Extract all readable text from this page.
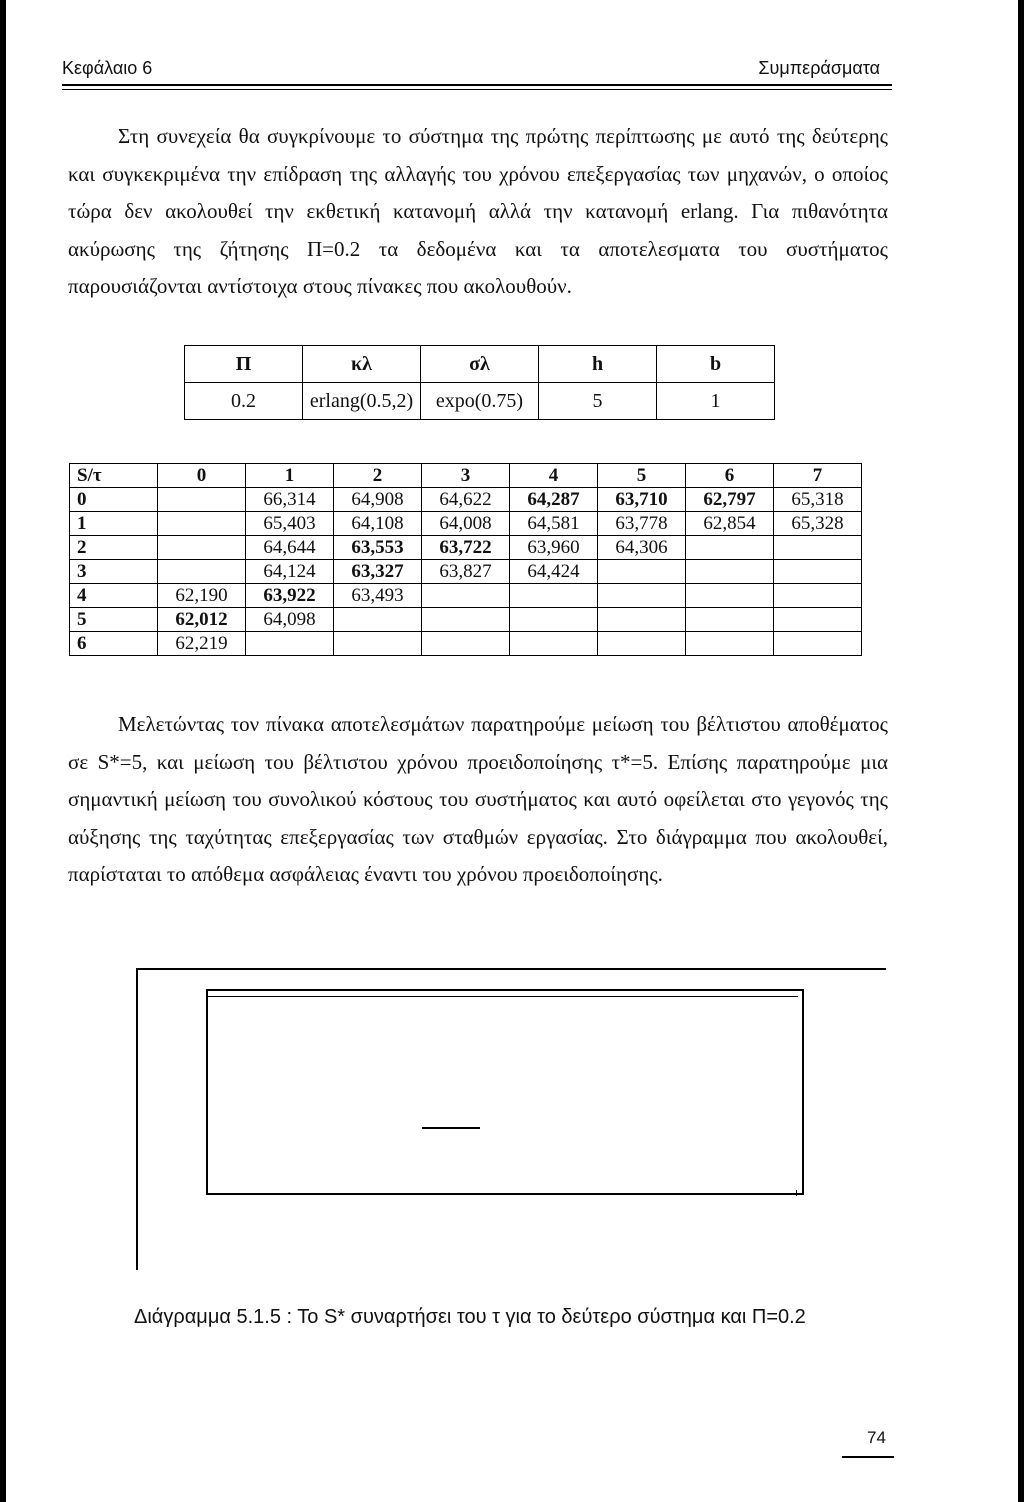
Κεφάλαιο 6	Συμπεράσματα
Στη συνεχεία θα συγκρίνουμε το σύστημα της πρώτης περίπτωσης με αυτό της δεύτερης και συγκεκριμένα την επίδραση της αλλαγής του χρόνου επεξεργασίας των μηχανών, ο οποίος τώρα δεν ακολουθεί την εκθετική κατανομή αλλά την κατανομή erlang. Για πιθανότητα ακύρωσης της ζήτησης Π=0.2 τα δεδομένα και τα αποτελεσματα του συστήματος παρουσιάζονται αντίστοιχα στους πίνακες που ακολουθούν.
Π	κλ	σλ	h	b
0.2	erlang(0.5,2)	expo(0.75)	5	1
S/τ	0	1	2	3	4	5	6	7
0		66,314	64,908	64,622	64,287	63,710	62,797	65,318
1		65,403	64,108	64,008	64,581	63,778	62,854	65,328
2		64,644	63,553	63,722	63,960	64,306		
3		64,124	63,327	63,827	64,424			
4	62,190	63,922	63,493					
5	62,012	64,098						
6	62,219							
Μελετώντας τον πίνακα αποτελεσμάτων παρατηρούμε μείωση του βέλτιστου αποθέματος σε S*=5, και μείωση του βέλτιστου χρόνου προειδοποίησης τ*=5. Επίσης παρατηρούμε μια σημαντική μείωση του συνολικού κόστους του συστήματος και αυτό οφείλεται στο γεγονός της αύξησης της ταχύτητας επεξεργασίας των σταθμών εργασίας. Στο διάγραμμα που ακολουθεί, παρίσταται το απόθεμα ασφάλειας έναντι του χρόνου προειδοποίησης.
Διάγραμμα 5.1.5 : Το S* συναρτήσει του τ για το δεύτερο σύστημα και Π=0.2
74
